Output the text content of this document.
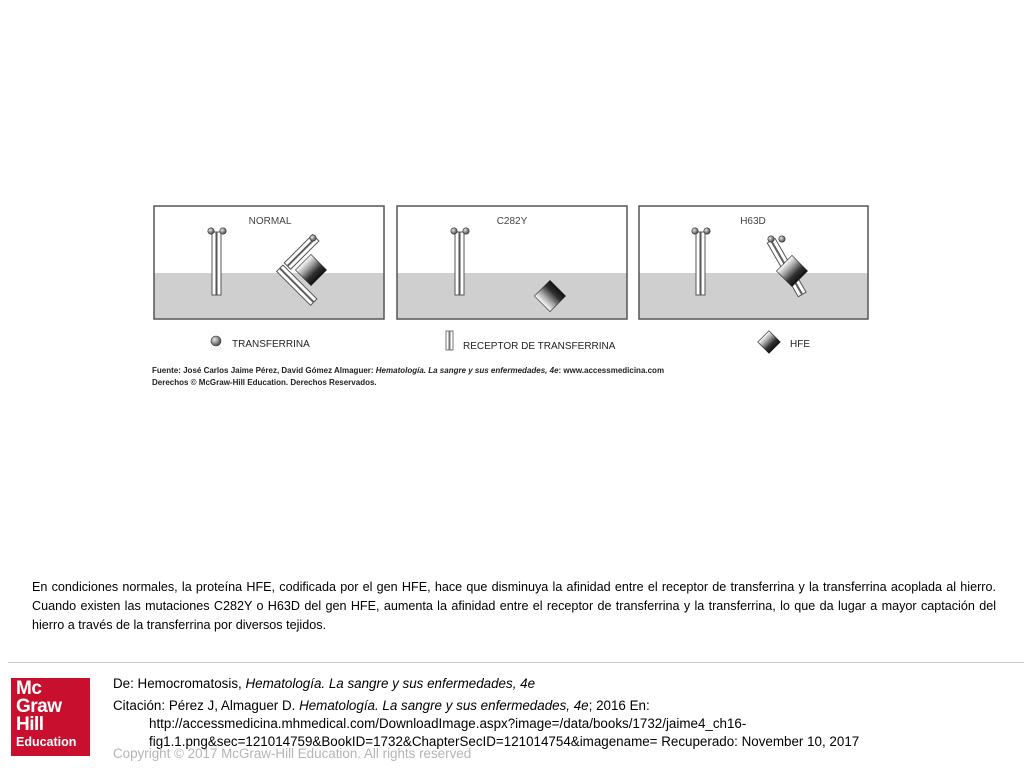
NORMAL	C282Y	H63D
TRANSFERRINA	RECEPTOR DE TRANSFERRINA	HFE
Fuente: José Carlos Jaime Pérez, David Gómez Almaguer: Hematología. La sangre y sus enfermedades, 4e: www.accessmedicina.com
Derechos © McGraw-Hill Education. Derechos Reservados.

En condiciones normales, la proteína HFE, codificada por el gen HFE, hace que disminuya la afinidad entre el receptor de transferrina y la transferrina acoplada al hierro. Cuando existen las mutaciones C282Y o H63D del gen HFE, aumenta la afinidad entre el receptor de transferrina y la transferrina, lo que da lugar a mayor captación del hierro a través de la transferrina por diversos tejidos.

Mc
Graw
Hill
Education

De: Hemocromatosis, Hematología. La sangre y sus enfermedades, 4e

Citación: Pérez J, Almaguer D. Hematología. La sangre y sus enfermedades, 4e; 2016 En:

http://accessmedicina.mhmedical.com/DownloadImage.aspx?image=/data/books/1732/jaime4_ch16-

fig1.1.png&sec=121014759&BookID=1732&ChapterSecID=121014754&imagename= Recuperado: November 10, 2017

Copyright © 2017 McGraw-Hill Education. All rights reserved
